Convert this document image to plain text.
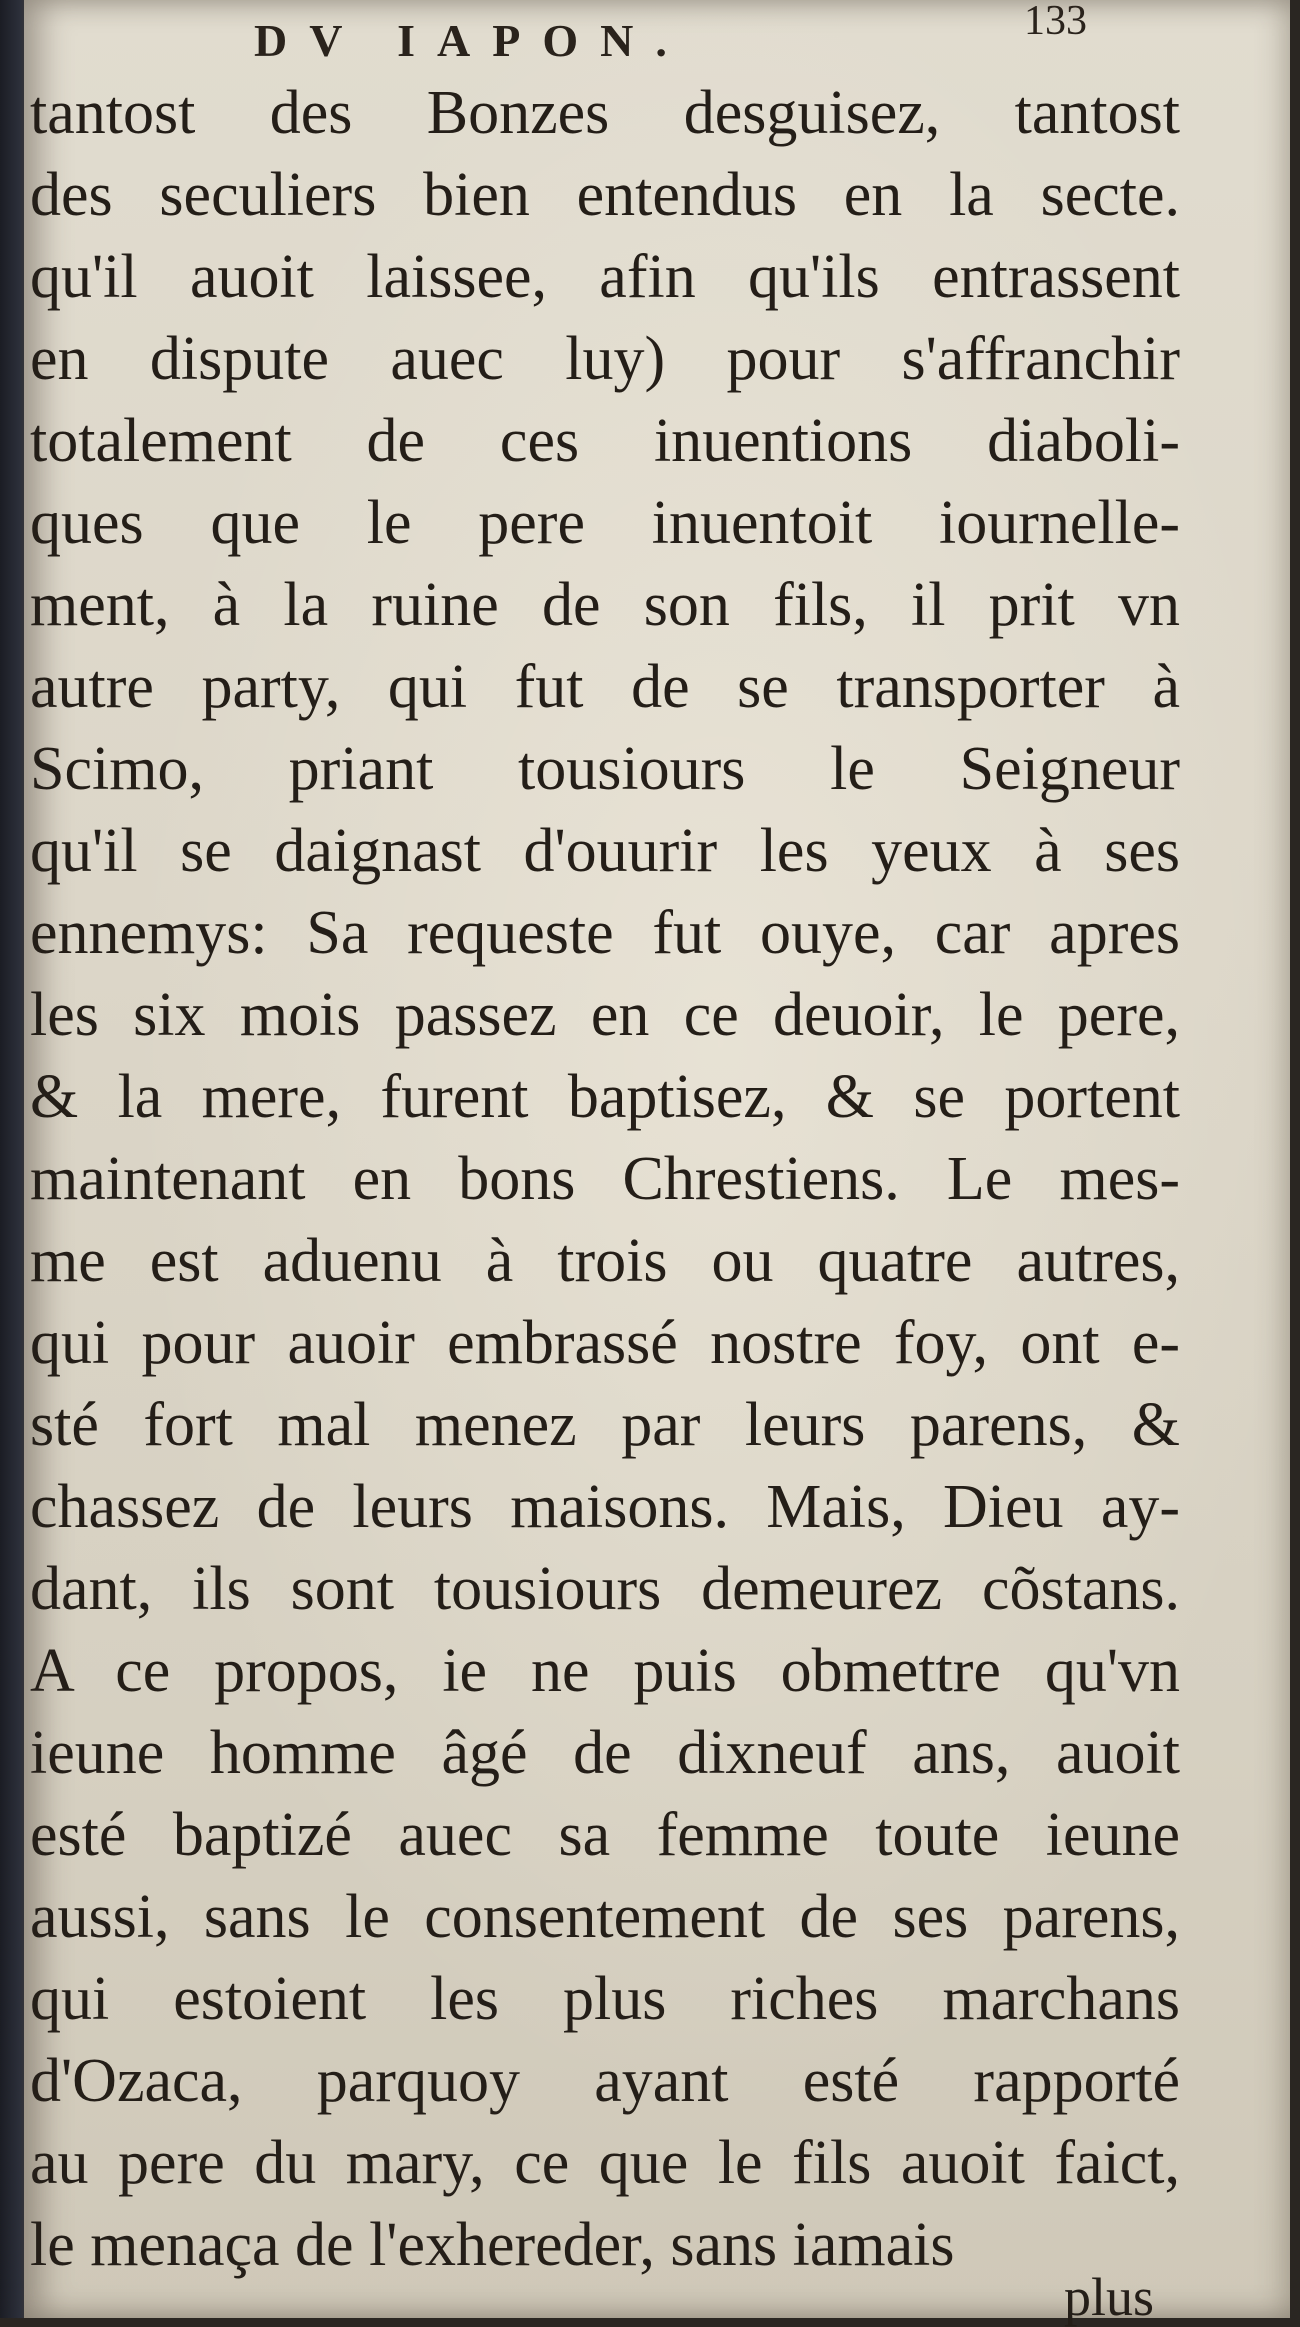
DV IAPON.	133
tantost des Bonzes desguisez, tantost
des seculiers bien entendus en la secte.
qu'il auoit laissee, afin qu'ils entrassent
en dispute auec luy) pour s'affranchir
totalement de ces inuentions diaboli-
ques que le pere inuentoit iournelle-
ment, à la ruine de son fils, il prit vn
autre party, qui fut de se transporter à
Scimo, priant tousiours le Seigneur
qu'il se daignast d'ouurir les yeux à ses
ennemys: Sa requeste fut ouye, car apres
les six mois passez en ce deuoir, le pere,
& la mere, furent baptisez, & se portent
maintenant en bons Chrestiens. Le mes-
me est aduenu à trois ou quatre autres,
qui pour auoir embrassé nostre foy, ont e-
sté fort mal menez par leurs parens, &
chassez de leurs maisons. Mais, Dieu ay-
dant, ils sont tousiours demeurez cõstans.
A ce propos, ie ne puis obmettre qu'vn
ieune homme âgé de dixneuf ans, auoit
esté baptizé auec sa femme toute ieune
aussi, sans le consentement de ses parens,
qui estoient les plus riches marchans
d'Ozaca, parquoy ayant esté rapporté
au pere du mary, ce que le fils auoit faict,
le menaça de l'exhereder, sans iamais
plus
